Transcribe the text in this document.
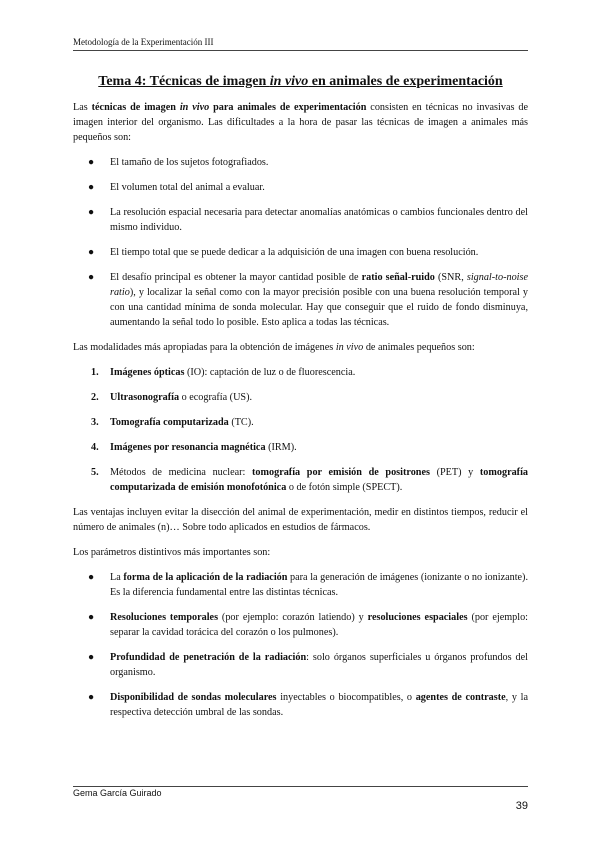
Metodología de la Experimentación III
Tema 4: Técnicas de imagen in vivo en animales de experimentación

Las técnicas de imagen in vivo para animales de experimentación consisten en técnicas no invasivas de imagen interior del organismo. Las dificultades a la hora de pasar las técnicas de imagen a animales más pequeños son:

● El tamaño de los sujetos fotografiados.
● El volumen total del animal a evaluar.
● La resolución espacial necesaria para detectar anomalías anatómicas o cambios funcionales dentro del mismo individuo.
● El tiempo total que se puede dedicar a la adquisición de una imagen con buena resolución.
● El desafío principal es obtener la mayor cantidad posible de ratio señal-ruido (SNR, signal-to-noise ratio), y localizar la señal como con la mayor precisión posible con una buena resolución temporal y con una cantidad mínima de sonda molecular. Hay que conseguir que el ruido de fondo disminuya, aumentando la señal todo lo posible. Esto aplica a todas las técnicas.

Las modalidades más apropiadas para la obtención de imágenes in vivo de animales pequeños son:

1. Imágenes ópticas (IO): captación de luz o de fluorescencia.
2. Ultrasonografía o ecografía (US).
3. Tomografía computarizada (TC).
4. Imágenes por resonancia magnética (IRM).
5. Métodos de medicina nuclear: tomografía por emisión de positrones (PET) y tomografía computarizada de emisión monofotónica o de fotón simple (SPECT).

Las ventajas incluyen evitar la disección del animal de experimentación, medir en distintos tiempos, reducir el número de animales (n)… Sobre todo aplicados en estudios de fármacos.

Los parámetros distintivos más importantes son:

● La forma de la aplicación de la radiación para la generación de imágenes (ionizante o no ionizante). Es la diferencia fundamental entre las distintas técnicas.
● Resoluciones temporales (por ejemplo: corazón latiendo) y resoluciones espaciales (por ejemplo: separar la cavidad torácica del corazón o los pulmones).
● Profundidad de penetración de la radiación: solo órganos superficiales u órganos profundos del organismo.
● Disponibilidad de sondas moleculares inyectables o biocompatibles, o agentes de contraste, y la respectiva detección umbral de las sondas.
Gema García Guirado
39
